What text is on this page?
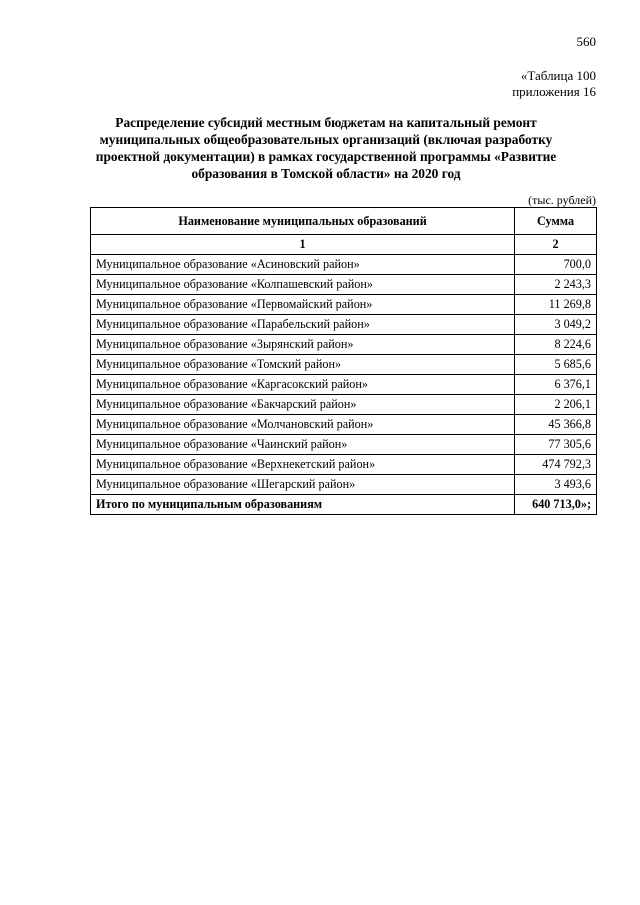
560
«Таблица 100
приложения 16
Распределение субсидий местным бюджетам на капитальный ремонт
муниципальных общеобразовательных организаций (включая разработку
проектной документации) в рамках государственной программы «Развитие
образования в Томской области» на 2020 год
(тыс. рублей)
Наименование муниципальных образований	Сумма
1	2
Муниципальное образование «Асиновский район»	700,0
Муниципальное образование «Колпашевский район»	2 243,3
Муниципальное образование «Первомайский район»	11 269,8
Муниципальное образование «Парабельский район»	3 049,2
Муниципальное образование «Зырянский район»	8 224,6
Муниципальное образование «Томский район»	5 685,6
Муниципальное образование «Каргасокский район»	6 376,1
Муниципальное образование «Бакчарский район»	2 206,1
Муниципальное образование «Молчановский район»	45 366,8
Муниципальное образование «Чаинский район»	77 305,6
Муниципальное образование «Верхнекетский район»	474 792,3
Муниципальное образование «Шегарский район»	3 493,6
Итого по муниципальным образованиям	640 713,0»;
